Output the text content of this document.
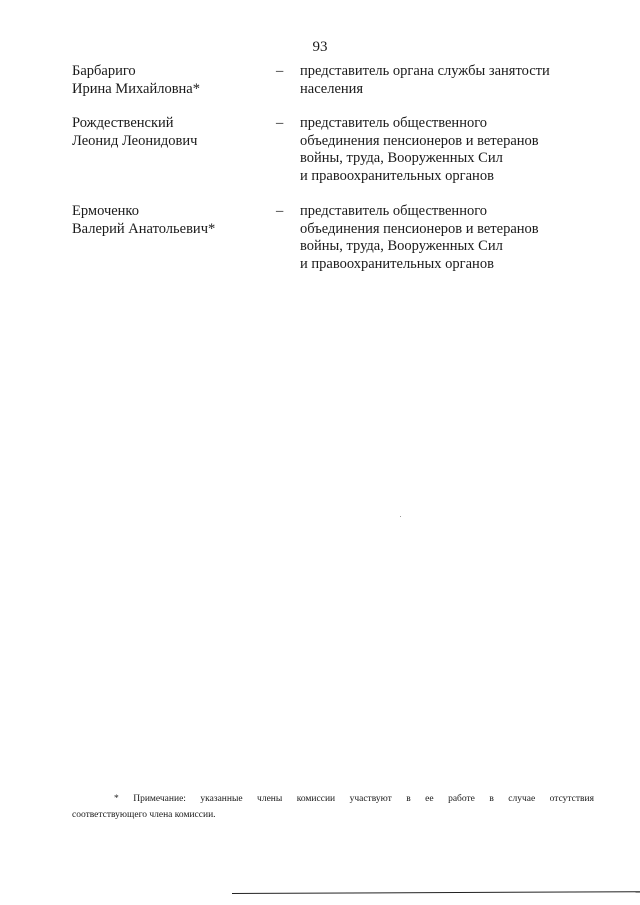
93
Барбариго
Ирина Михайловна*
– представитель органа службы занятости
населения
Рождественский
Леонид Леонидович
– представитель общественного
объединения пенсионеров и ветеранов
войны, труда, Вооруженных Сил
и правоохранительных органов
Ермоченко
Валерий Анатольевич*
– представитель общественного
объединения пенсионеров и ветеранов
войны, труда, Вооруженных Сил
и правоохранительных органов
* Примечание: указанные члены комиссии участвуют в ее работе в случае отсутствия
соответствующего члена комиссии.
